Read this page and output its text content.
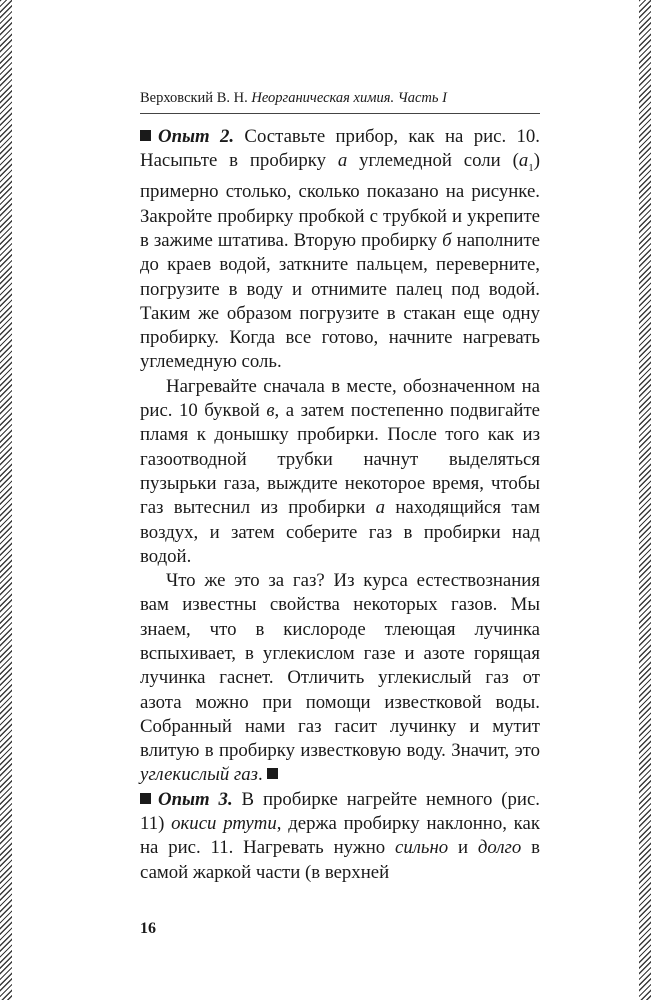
Верховский В. Н. Неорганическая химия. Часть I

Опыт 2. Составьте прибор, как на рис. 10. Насыпьте в пробирку а углемедной соли $(а_1)$ примерно столько, сколько показано на рисунке. Закройте пробирку пробкой с трубкой и укрепите в зажиме штатива. Вторую пробирку б наполните до краев водой, заткните пальцем, переверните, погрузите в воду и отнимите палец под водой. Таким же образом погрузите в стакан еще одну пробирку. Когда все готово, начните нагревать углемедную соль.

Нагревайте сначала в месте, обозначенном на рис. 10 буквой в, а затем постепенно подвигайте пламя к донышку пробирки. После того как из газоотводной трубки начнут выделяться пузырьки газа, выждите некоторое время, чтобы газ вытеснил из пробирки а находящийся там воздух, и затем соберите газ в пробирки над водой.

Что же это за газ? Из курса естествознания вам известны свойства некоторых газов. Мы знаем, что в кислороде тлеющая лучинка вспыхивает, в углекислом газе и азоте горящая лучинка гаснет. Отличить углекислый газ от азота можно при помощи известковой воды. Собранный нами газ гасит лучинку и мутит влитую в пробирку известковую воду. Значит, это углекислый газ.

Опыт 3. В пробирке нагрейте немного (рис. 11) окиси ртути, держа пробирку наклонно, как на рис. 11. Нагревать нужно сильно и долго в самой жаркой части (в верхней

16
